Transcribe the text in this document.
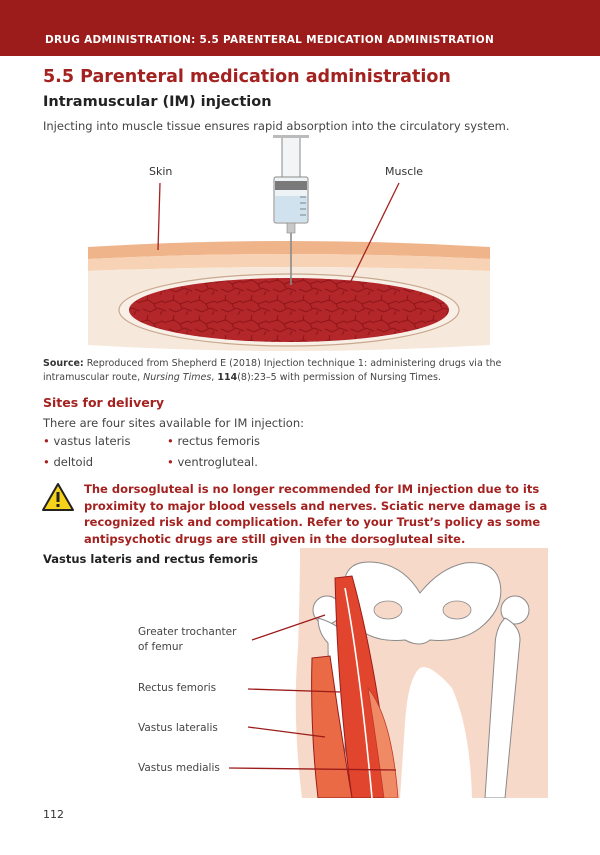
DRUG ADMINISTRATION: 5.5 PARENTERAL MEDICATION ADMINISTRATION
5.5 Parenteral medication administration
Intramuscular (IM) injection
Injecting into muscle tissue ensures rapid absorption into the circulatory system.
Skin	Muscle
Source: Reproduced from Shepherd E (2018) Injection technique 1: administering drugs via the intramuscular route, Nursing Times, 114(8):23–5 with permission of Nursing Times.
Sites for delivery
There are four sites available for IM injection:
• vastus lateris	• rectus femoris
• deltoid	• ventrogluteal.
The dorsogluteal is no longer recommended for IM injection due to its proximity to major blood vessels and nerves. Sciatic nerve damage is a recognized risk and complication. Refer to your Trust’s policy as some antipsychotic drugs are still given in the dorsogluteal site.
Vastus lateris and rectus femoris
Greater trochanter
of femur
Rectus femoris
Vastus lateralis
Vastus medialis
112
